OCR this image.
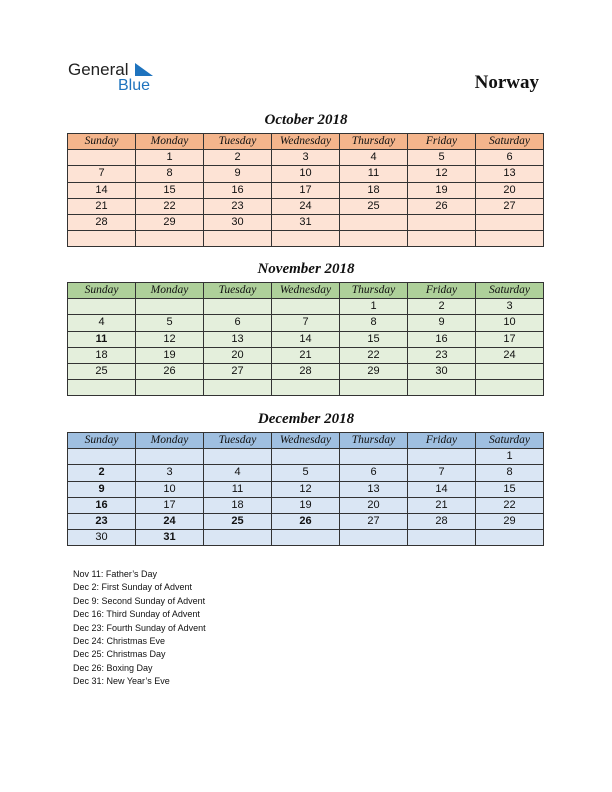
General
Blue	Norway
October 2018
Sunday	Monday	Tuesday	Wednesday	Thursday	Friday	Saturday
	1	2	3	4	5	6
7	8	9	10	11	12	13
14	15	16	17	18	19	20
21	22	23	24	25	26	27
28	29	30	31			

November 2018
Sunday	Monday	Tuesday	Wednesday	Thursday	Friday	Saturday
				1	2	3
4	5	6	7	8	9	10
11	12	13	14	15	16	17
18	19	20	21	22	23	24
25	26	27	28	29	30	

December 2018
Sunday	Monday	Tuesday	Wednesday	Thursday	Friday	Saturday
						1
2	3	4	5	6	7	8
9	10	11	12	13	14	15
16	17	18	19	20	21	22
23	24	25	26	27	28	29
30	31					
Nov 11: Father’s Day
Dec 2: First Sunday of Advent
Dec 9: Second Sunday of Advent
Dec 16: Third Sunday of Advent
Dec 23: Fourth Sunday of Advent
Dec 24: Christmas Eve
Dec 25: Christmas Day
Dec 26: Boxing Day
Dec 31: New Year’s Eve
